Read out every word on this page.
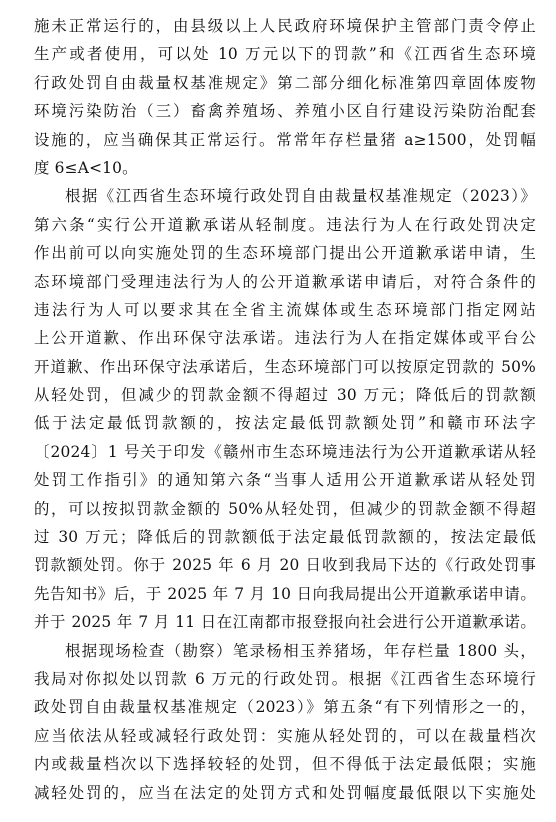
施未正常运行的，由县级以上人民政府环境保护主管部门责令停止
生产或者使用，可以处 10 万元以下的罚款”和《江西省生态环境
行政处罚自由裁量权基准规定》第二部分细化标准第四章固体废物
环境污染防治（三）畜禽养殖场、养殖小区自行建设污染防治配套
设施的，应当确保其正常运行。常常年存栏量猪 a≥1500，处罚幅
度 6≤A<10。
根据《江西省生态环境行政处罚自由裁量权基准规定（2023）》
第六条“实行公开道歉承诺从轻制度。违法行为人在行政处罚决定
作出前可以向实施处罚的生态环境部门提出公开道歉承诺申请，生
态环境部门受理违法行为人的公开道歉承诺申请后，对符合条件的
违法行为人可以要求其在全省主流媒体或生态环境部门指定网站
上公开道歉、作出环保守法承诺。违法行为人在指定媒体或平台公
开道歉、作出环保守法承诺后，生态环境部门可以按原定罚款的 50%
从轻处罚，但减少的罚款金额不得超过 30 万元；降低后的罚款额
低于法定最低罚款额的，按法定最低罚款额处罚”和赣市环法字
〔2024〕1 号关于印发《赣州市生态环境违法行为公开道歉承诺从轻
处罚工作指引》的通知第六条“当事人适用公开道歉承诺从轻处罚
的，可以按拟罚款金额的 50%从轻处罚，但减少的罚款金额不得超
过 30 万元；降低后的罚款额低于法定最低罚款额的，按法定最低
罚款额处罚。你于 2025 年 6 月 20 日收到我局下达的《行政处罚事
先告知书》后，于 2025 年 7 月 10 日向我局提出公开道歉承诺申请。
并于 2025 年 7 月 11 日在江南都市报登报向社会进行公开道歉承诺。
根据现场检查（勘察）笔录杨相玉养猪场，年存栏量 1800 头，
我局对你拟处以罚款 6 万元的行政处罚。根据《江西省生态环境行
政处罚自由裁量权基准规定（2023）》第五条“有下列情形之一的，
应当依法从轻或减轻行政处罚：实施从轻处罚的，可以在裁量档次
内或裁量档次以下选择较轻的处罚，但不得低于法定最低限；实施
减轻处罚的，应当在法定的处罚方式和处罚幅度最低限以下实施处
